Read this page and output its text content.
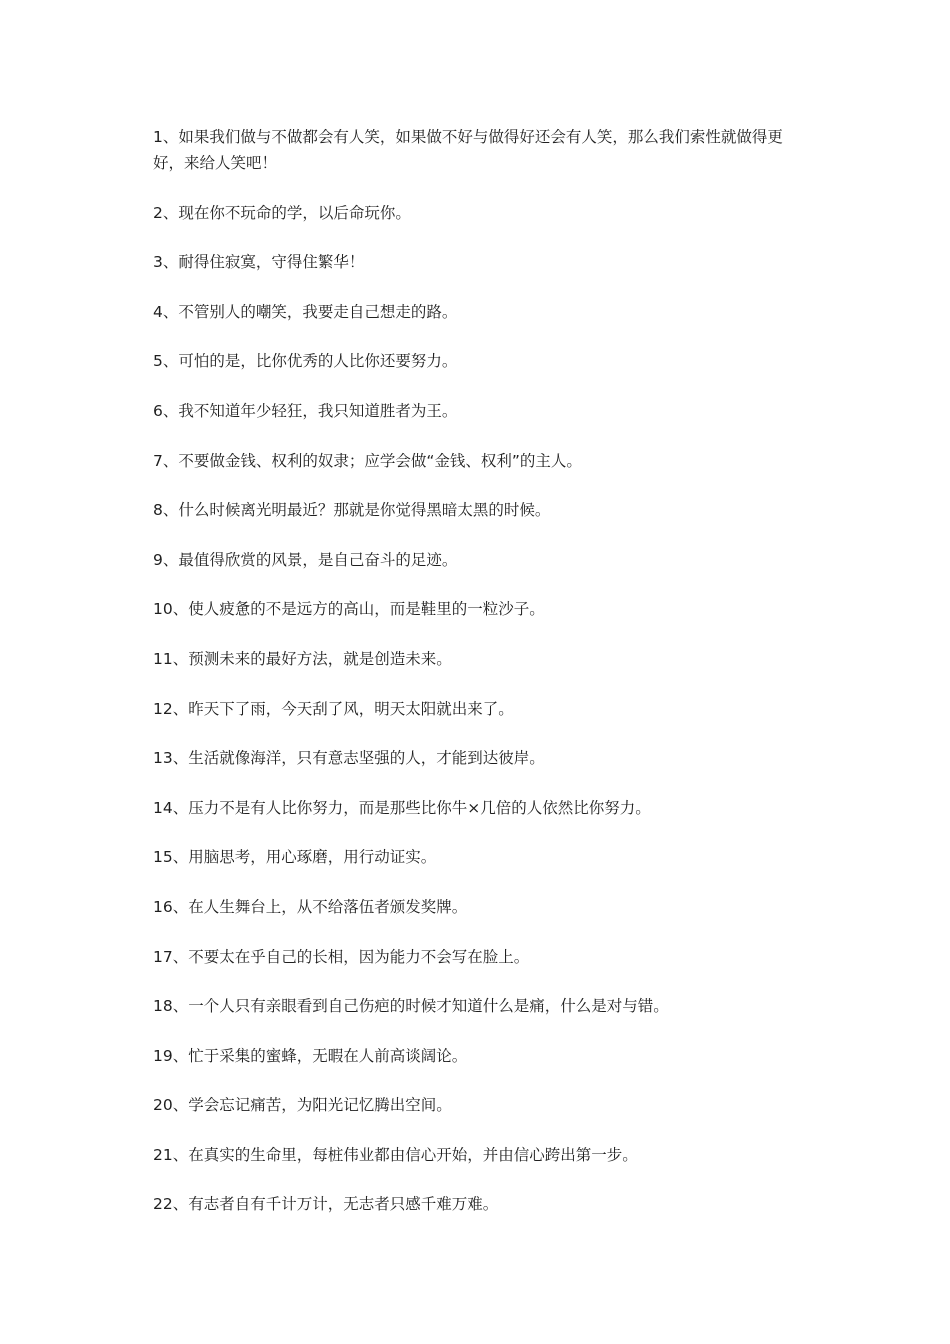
1、如果我们做与不做都会有人笑，如果做不好与做得好还会有人笑，那么我们索性就做得更好，来给人笑吧！

2、现在你不玩命的学，以后命玩你。

3、耐得住寂寞，守得住繁华！

4、不管别人的嘲笑，我要走自己想走的路。

5、可怕的是，比你优秀的人比你还要努力。

6、我不知道年少轻狂，我只知道胜者为王。

7、不要做金钱、权利的奴隶；应学会做“金钱、权利”的主人。

8、什么时候离光明最近？那就是你觉得黑暗太黑的时候。

9、最值得欣赏的风景，是自己奋斗的足迹。

10、使人疲惫的不是远方的高山，而是鞋里的一粒沙子。

11、预测未来的最好方法，就是创造未来。

12、昨天下了雨，今天刮了风，明天太阳就出来了。

13、生活就像海洋，只有意志坚强的人，才能到达彼岸。

14、压力不是有人比你努力，而是那些比你牛×几倍的人依然比你努力。

15、用脑思考，用心琢磨，用行动证实。

16、在人生舞台上，从不给落伍者颁发奖牌。

17、不要太在乎自己的长相，因为能力不会写在脸上。

18、一个人只有亲眼看到自己伤疤的时候才知道什么是痛，什么是对与错。

19、忙于采集的蜜蜂，无暇在人前高谈阔论。

20、学会忘记痛苦，为阳光记忆腾出空间。

21、在真实的生命里，每桩伟业都由信心开始，并由信心跨出第一步。

22、有志者自有千计万计，无志者只感千难万难。
